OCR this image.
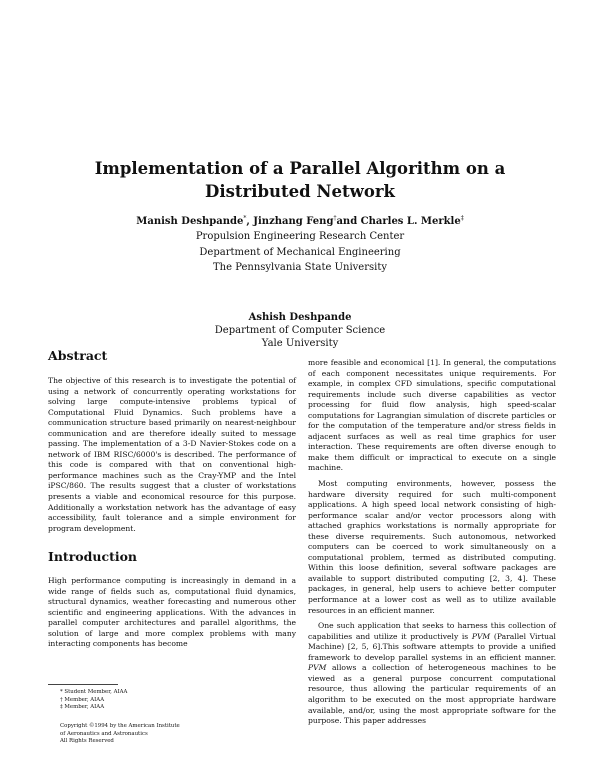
Implementation of a Parallel Algorithm on a Distributed Network
Manish Deshpande*, Jinzhang Feng†and Charles L. Merkle‡
Propulsion Engineering Research Center
Department of Mechanical Engineering
The Pennsylvania State University
Ashish Deshpande
Department of Computer Science
Yale University
Abstract

The objective of this research is to investigate the potential of using a network of concurrently operating workstations for solving large compute-intensive problems typical of Computational Fluid Dynamics. Such problems have a communication structure based primarily on nearest-neighbour communication and are therefore ideally suited to message passing. The implementation of a 3-D Navier-Stokes code on a network of IBM RISC/6000's is described. The performance of this code is compared with that on conventional high-performance machines such as the Cray-YMP and the Intel iPSC/860. The results suggest that a cluster of workstations presents a viable and economical resource for this purpose. Additionally a workstation network has the advantage of easy accessibility, fault tolerance and a simple environment for program development.

Introduction

High performance computing is increasingly in demand in a wide range of fields such as, computational fluid dynamics, structural dynamics, weather forecasting and numerous other scientific and engineering applications. With the advances in parallel computer architectures and parallel algorithms, the solution of large and more complex problems with many interacting components has become

* Student Member, AIAA

† Member, AIAA

‡ Member, AIAA

Copyright ©1994 by the American Institute

of Aeronautics and Astronautics

All Rights Reserved

more feasible and economical [1]. In general, the computations of each component necessitates unique requirements. For example, in complex CFD simulations, specific computational requirements include such diverse capabilities as vector processing for fluid flow analysis, high speed-scalar computations for Lagrangian simulation of discrete particles or for the computation of the temperature and/or stress fields in adjacent surfaces as well as real time graphics for user interaction. These requirements are often diverse enough to make them difficult or impractical to execute on a single machine.

Most computing environments, however, possess the hardware diversity required for such multi-component applications. A high speed local network consisting of high-performance scalar and/or vector processors along with attached graphics workstations is normally appropriate for these diverse requirements. Such autonomous, networked computers can be coerced to work simultaneously on a computational problem, termed as distributed computing. Within this loose definition, several software packages are available to support distributed computing [2, 3, 4]. These packages, in general, help users to achieve better computer performance at a lower cost as well as to utilize available resources in an efficient manner.

One such application that seeks to harness this collection of capabilities and utilize it productively is PVM (Parallel Virtual Machine) [2, 5, 6].This software attempts to provide a unified framework to develop parallel systems in an efficient manner. PVM allows a collection of heterogeneous machines to be viewed as a general purpose concurrent computational resource, thus allowing the particular requirements of an algorithm to be executed on the most appropriate hardware available, and/or, using the most appropriate software for the purpose. This paper addresses
